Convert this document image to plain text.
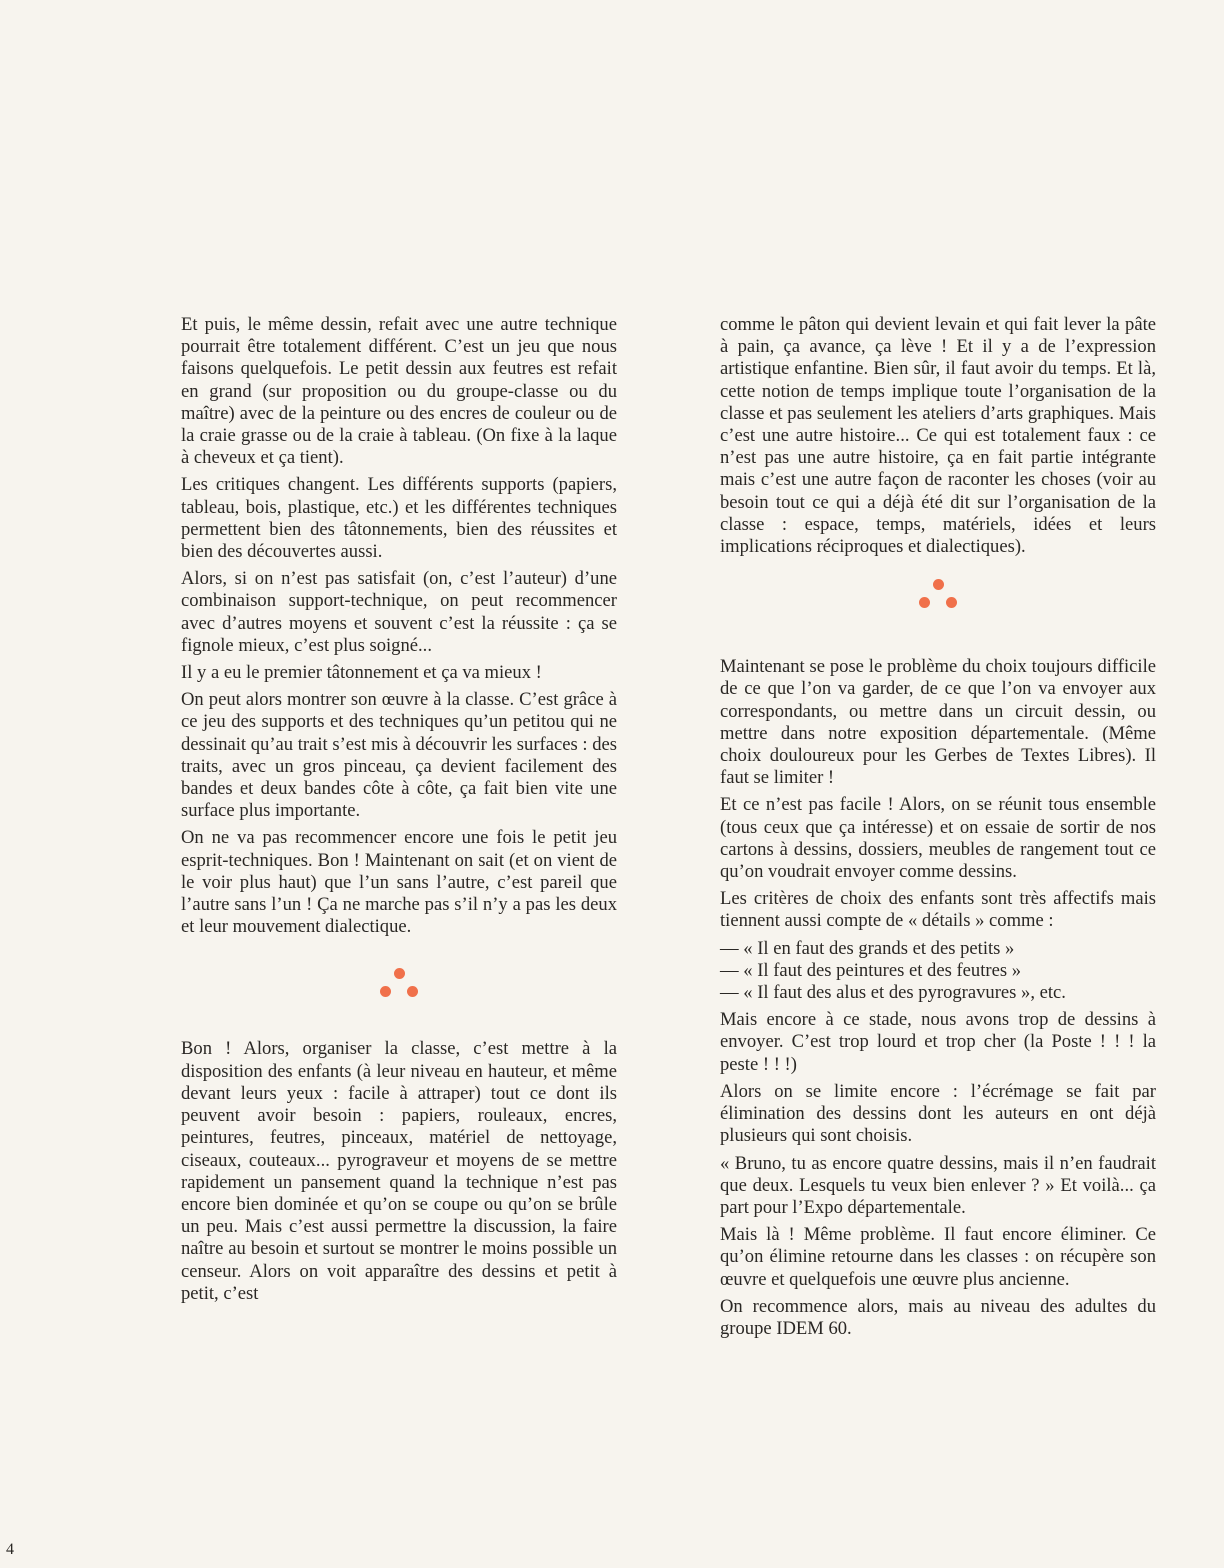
Et puis, le même dessin, refait avec une autre technique pourrait être totalement différent. C’est un jeu que nous faisons quelquefois. Le petit dessin aux feutres est refait en grand (sur proposition ou du groupe-classe ou du maître) avec de la peinture ou des encres de couleur ou de la craie grasse ou de la craie à tableau. (On fixe à la laque à cheveux et ça tient).

Les critiques changent. Les différents supports (papiers, tableau, bois, plastique, etc.) et les différentes techniques permettent bien des tâtonnements, bien des réussites et bien des découvertes aussi.

Alors, si on n’est pas satisfait (on, c’est l’auteur) d’une combinaison support-technique, on peut recommencer avec d’autres moyens et souvent c’est la réussite : ça se fignole mieux, c’est plus soigné...

Il y a eu le premier tâtonnement et ça va mieux !

On peut alors montrer son œuvre à la classe. C’est grâce à ce jeu des supports et des techniques qu’un petitou qui ne dessinait qu’au trait s’est mis à découvrir les surfaces : des traits, avec un gros pinceau, ça devient facilement des bandes et deux bandes côte à côte, ça fait bien vite une surface plus importante.

On ne va pas recommencer encore une fois le petit jeu esprit-techniques. Bon ! Maintenant on sait (et on vient de le voir plus haut) que l’un sans l’autre, c’est pareil que l’autre sans l’un ! Ça ne marche pas s’il n’y a pas les deux et leur mouvement dialectique.

Bon ! Alors, organiser la classe, c’est mettre à la disposition des enfants (à leur niveau en hauteur, et même devant leurs yeux : facile à attraper) tout ce dont ils peuvent avoir besoin : papiers, rouleaux, encres, peintures, feutres, pinceaux, matériel de nettoyage, ciseaux, couteaux... pyrograveur et moyens de se mettre rapidement un pansement quand la technique n’est pas encore bien dominée et qu’on se coupe ou qu’on se brûle un peu. Mais c’est aussi permettre la discussion, la faire naître au besoin et surtout se montrer le moins possible un censeur. Alors on voit apparaître des dessins et petit à petit, c’est

comme le pâton qui devient levain et qui fait lever la pâte à pain, ça avance, ça lève ! Et il y a de l’expression artistique enfantine. Bien sûr, il faut avoir du temps. Et là, cette notion de temps implique toute l’organisation de la classe et pas seulement les ateliers d’arts graphiques. Mais c’est une autre histoire... Ce qui est totalement faux : ce n’est pas une autre histoire, ça en fait partie intégrante mais c’est une autre façon de raconter les choses (voir au besoin tout ce qui a déjà été dit sur l’organisation de la classe : espace, temps, matériels, idées et leurs implications réciproques et dialectiques).

Maintenant se pose le problème du choix toujours difficile de ce que l’on va garder, de ce que l’on va envoyer aux correspondants, ou mettre dans un circuit dessin, ou mettre dans notre exposition départementale. (Même choix douloureux pour les Gerbes de Textes Libres). Il faut se limiter !

Et ce n’est pas facile ! Alors, on se réunit tous ensemble (tous ceux que ça intéresse) et on essaie de sortir de nos cartons à dessins, dossiers, meubles de rangement tout ce qu’on voudrait envoyer comme dessins.

Les critères de choix des enfants sont très affectifs mais tiennent aussi compte de « détails » comme :

— « Il en faut des grands et des petits »

— « Il faut des peintures et des feutres »

— « Il faut des alus et des pyrogravures », etc.

Mais encore à ce stade, nous avons trop de dessins à envoyer. C’est trop lourd et trop cher (la Poste ! ! ! la peste ! ! !)

Alors on se limite encore : l’écrémage se fait par élimination des dessins dont les auteurs en ont déjà plusieurs qui sont choisis.

« Bruno, tu as encore quatre dessins, mais il n’en faudrait que deux. Lesquels tu veux bien enlever ? » Et voilà... ça part pour l’Expo départementale.

Mais là ! Même problème. Il faut encore éliminer. Ce qu’on élimine retourne dans les classes : on récupère son œuvre et quelquefois une œuvre plus ancienne.

On recommence alors, mais au niveau des adultes du groupe IDEM 60.

4
